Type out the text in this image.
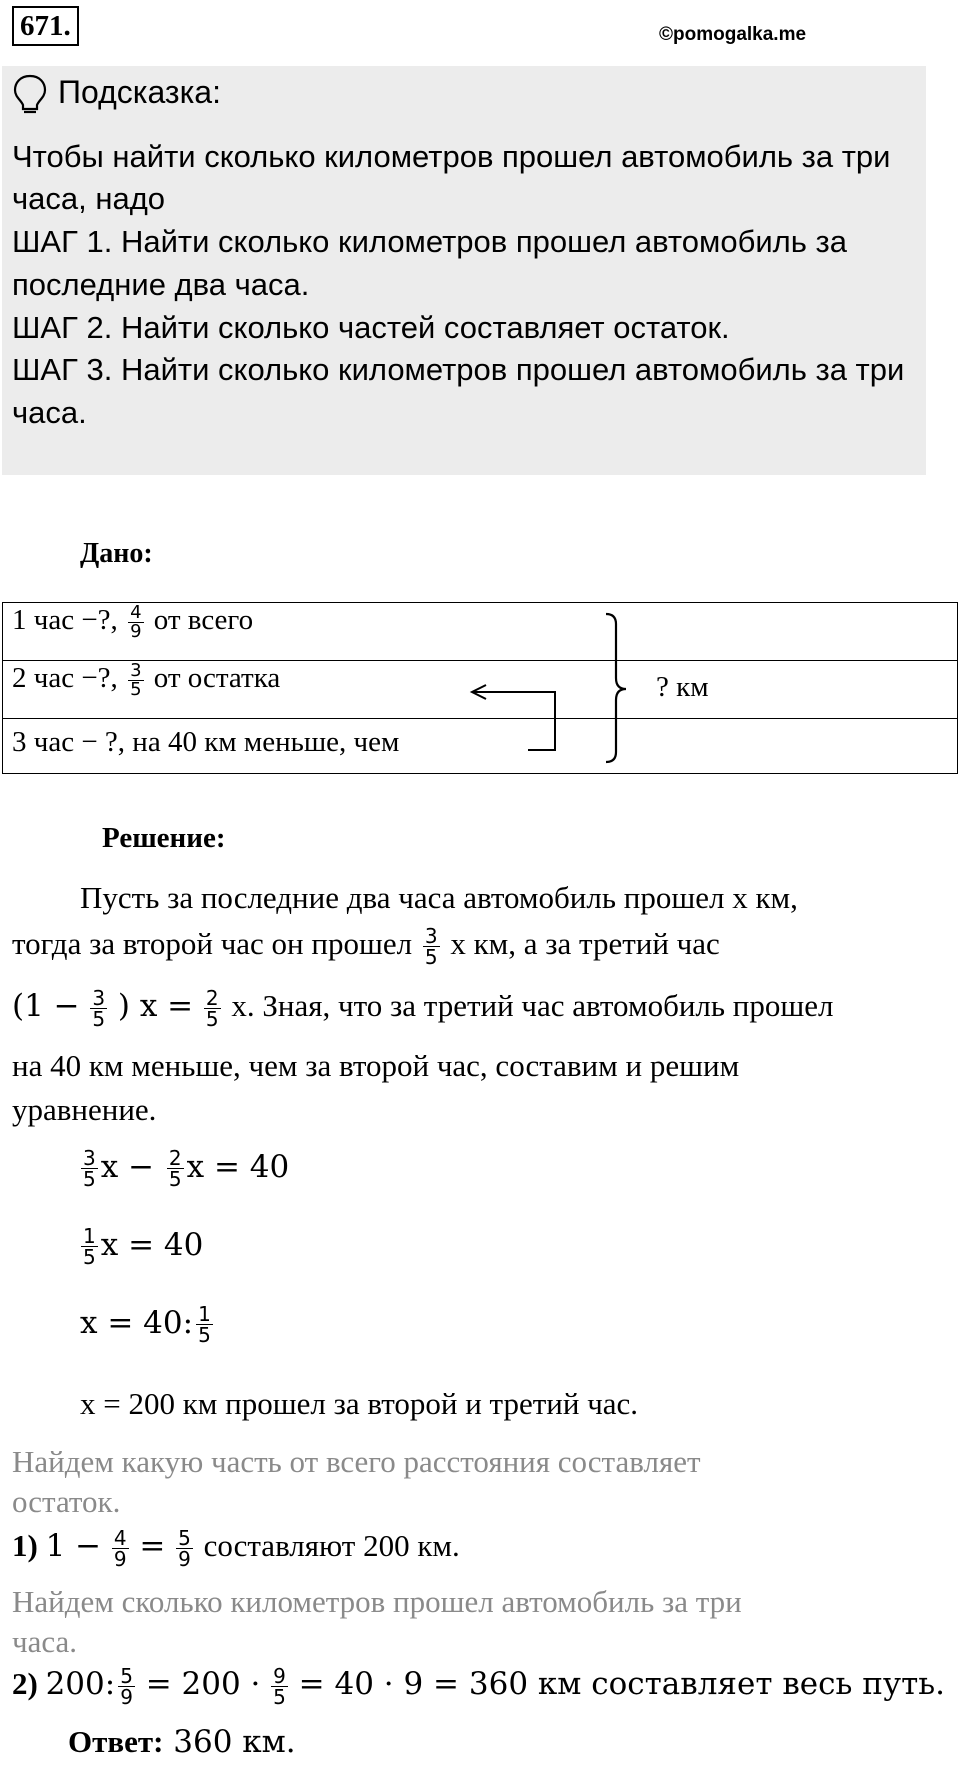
671.	©pomogalka.me
Подсказка:
Чтобы найти сколько километров прошел автомобиль за три
часа, надо
ШАГ 1. Найти сколько километров прошел автомобиль за
последние два часа.
ШАГ 2. Найти сколько частей составляет остаток.
ШАГ 3. Найти сколько километров прошел автомобиль за три
часа.
Дано:
1 час −?, $\frac{4}{9}$ от всего
2 час −?, $\frac{3}{5}$ от остатка
3 час − ?, на 40 км меньше, чем
? км
Решение:
Пусть за последние два часа автомобиль прошел x км,
тогда за второй час он прошел $\frac{3}{5}$ x км, а за третий час
($1 - \frac{3}{5}$ ) $x = \frac{2}{5} x$. Зная, что за третий час автомобиль прошел
на 40 км меньше, чем за второй час, составим и решим
уравнение.
$\frac{3}{5}$ $x - \frac{2}{5}$ x = 40
$\frac{1}{5}$ x = 40
x = 40: $\frac{1}{5}$
x = 200 км прошел за второй и третий час.
Найдем какую часть от всего расстояния составляет
остаток.
1) $1 - \frac{4}{9} = \frac{5}{9}$ составляют 200 км.
Найдем сколько километров прошел автомобиль за три
часа.
2) 200: $\frac{5}{9} = 200 \cdot \frac{9}{5} = 40 \cdot 9 = 360$ км составляет весь путь.
Ответ: 360 км.
